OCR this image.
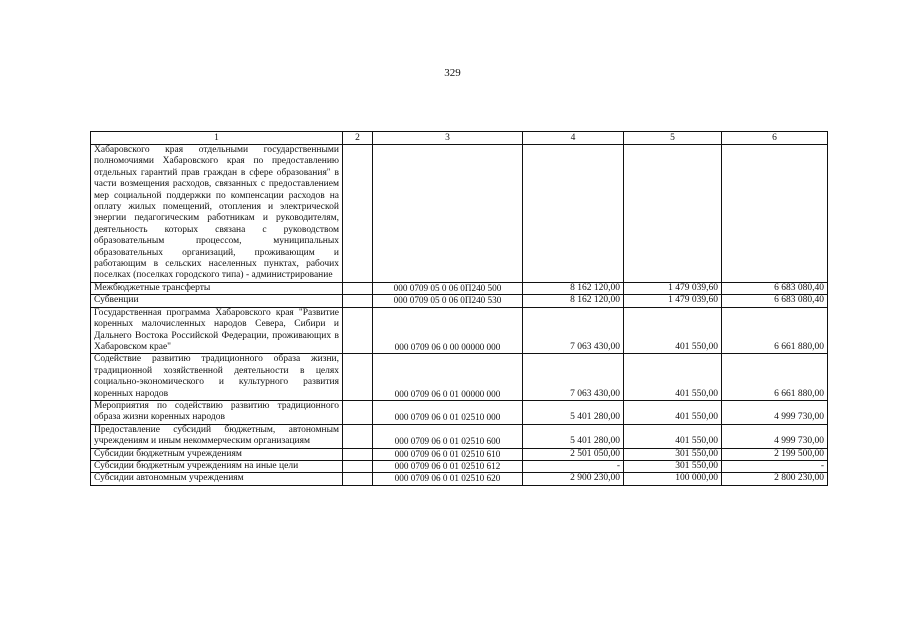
329
1	2	3	4	5	6
Хабаровского края отдельными государственными полномочиями Хабаровского края по предоставлению отдельных гарантий прав граждан в сфере образования" в части возмещения расходов, связанных с предоставлением мер социальной поддержки по компенсации расходов на оплату жилых помещений, отопления и электрической энергии педагогическим работникам и руководителям, деятельность которых связана с руководством образовательным процессом, муниципальных образовательных организаций, проживающим и работающим в сельских населенных пунктах, рабочих поселках (поселках городского типа) - администрирование					
Межбюджетные трансферты		000 0709 05 0 06 0П240 500	8 162 120,00	1 479 039,60	6 683 080,40
Субвенции		000 0709 05 0 06 0П240 530	8 162 120,00	1 479 039,60	6 683 080,40
Государственная программа Хабаровского края "Развитие коренных малочисленных народов Севера, Сибири и Дальнего Востока Российской Федерации, проживающих в Хабаровском крае"		000 0709 06 0 00 00000 000	7 063 430,00	401 550,00	6 661 880,00
Содействие развитию традиционного образа жизни, традиционной хозяйственной деятельности в целях социально-экономического и культурного развития коренных народов		000 0709 06 0 01 00000 000	7 063 430,00	401 550,00	6 661 880,00
Мероприятия по содействию развитию традиционного образа жизни коренных народов		000 0709 06 0 01 02510 000	5 401 280,00	401 550,00	4 999 730,00
Предоставление субсидий бюджетным, автономным учреждениям и иным некоммерческим организациям		000 0709 06 0 01 02510 600	5 401 280,00	401 550,00	4 999 730,00
Субсидии бюджетным учреждениям		000 0709 06 0 01 02510 610	2 501 050,00	301 550,00	2 199 500,00
Субсидии бюджетным учреждениям на иные цели		000 0709 06 0 01 02510 612	-	301 550,00	-
Субсидии автономным учреждениям		000 0709 06 0 01 02510 620	2 900 230,00	100 000,00	2 800 230,00
